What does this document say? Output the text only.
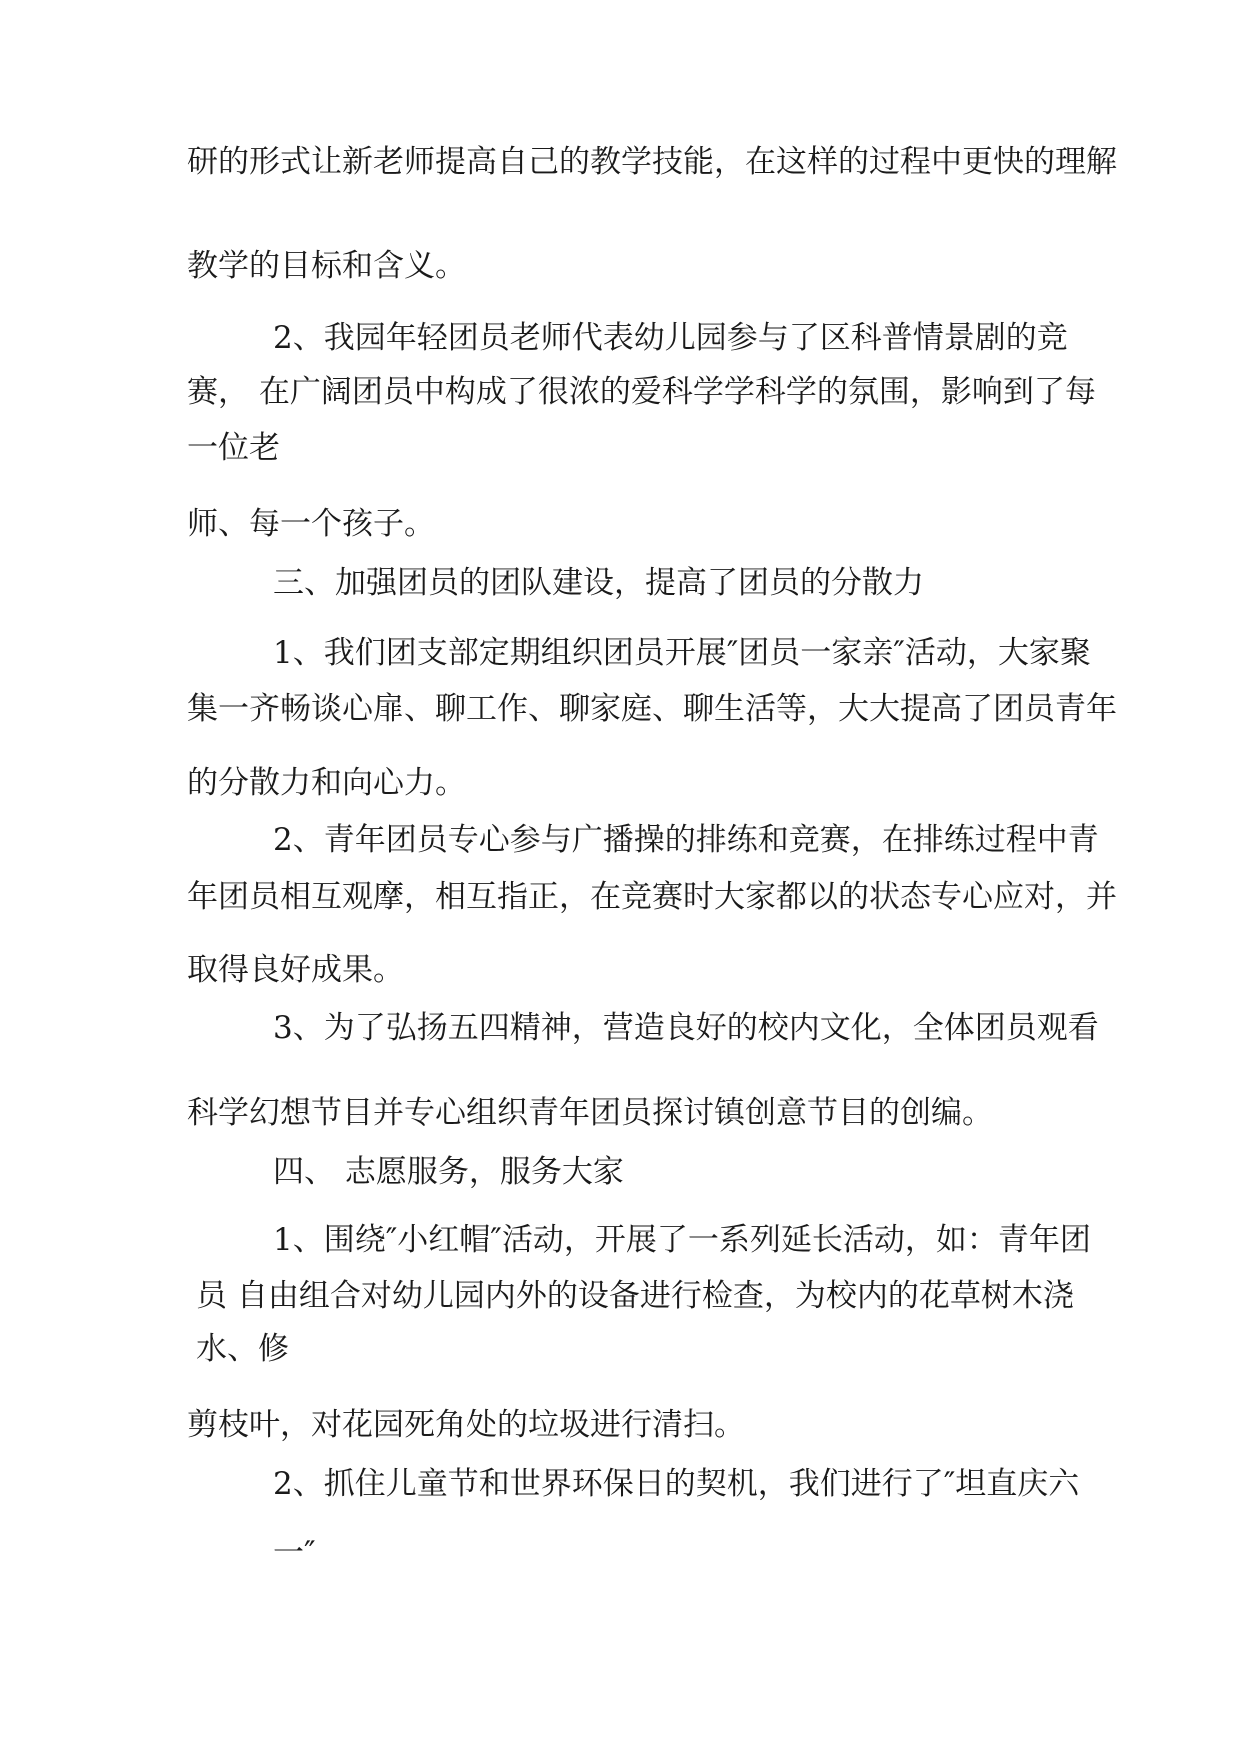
研的形式让新老师提高自己的教学技能，在这样的过程中更快的理解

教学的目标和含义。

2、我园年轻团员老师代表幼儿园参与了区科普情景剧的竞

赛， 在广阔团员中构成了很浓的爱科学学科学的氛围，影响到了每

一位老

师、每一个孩子。

三、加强团员的团队建设，提高了团员的分散力

1、我们团支部定期组织团员开展″团员一家亲″活动，大家聚

集一齐畅谈心扉、聊工作、聊家庭、聊生活等，大大提高了团员青年

的分散力和向心力。

2、青年团员专心参与广播操的排练和竞赛，在排练过程中青

年团员相互观摩，相互指正，在竞赛时大家都以的状态专心应对，并

取得良好成果。

3、为了弘扬五四精神，营造良好的校内文化，全体团员观看

科学幻想节目并专心组织青年团员探讨镇创意节目的创编。

四、 志愿服务，服务大家

1、围绕″小红帽″活动，开展了一系列延长活动，如：青年团

员 自由组合对幼儿园内外的设备进行检查，为校内的花草树木浇

水、修

剪枝叶，对花园死角处的垃圾进行清扫。

2、抓住儿童节和世界环保日的契机，我们进行了″坦直庆六

一″
